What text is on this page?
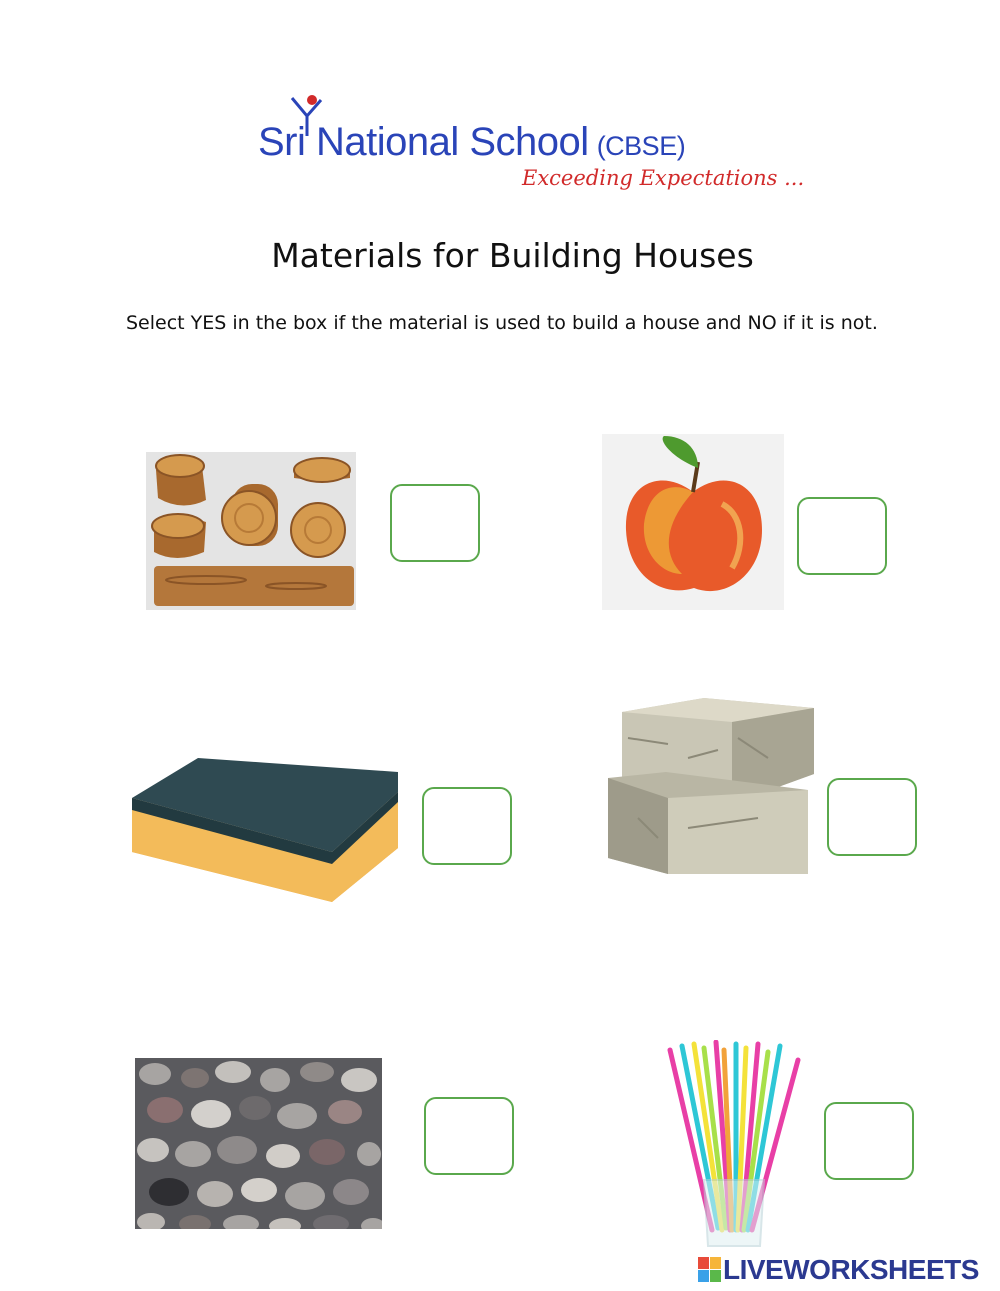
Sri National School (CBSE)
Exceeding Expectations ...
Materials for Building Houses
Select YES in the box if the material is used to build a house and NO if it is not.
LIVEWORKSHEETS
